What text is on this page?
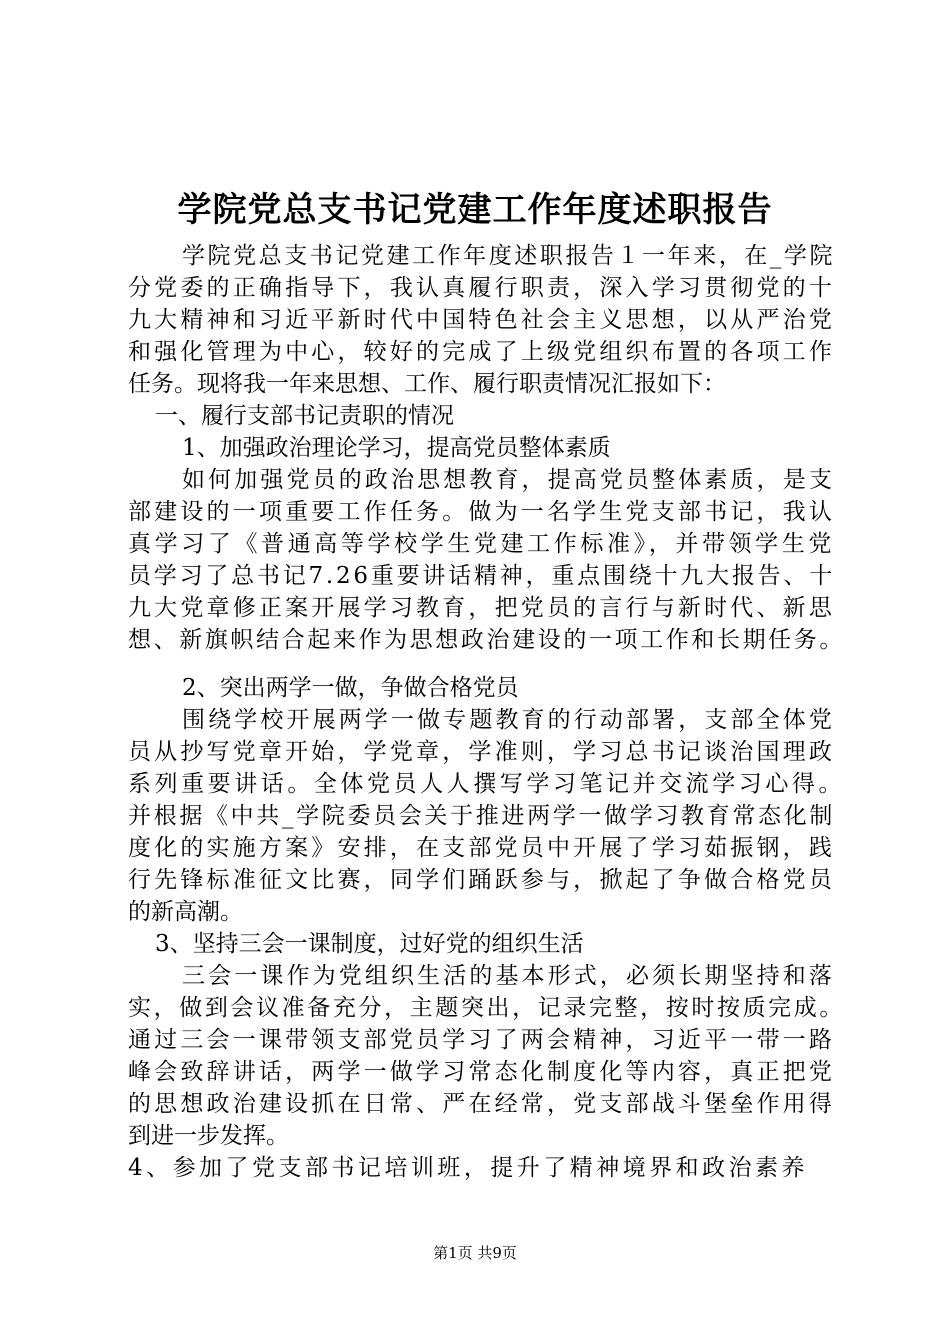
学院党总支书记党建工作年度述职报告
学院党总支书记党建工作年度述职报告１一年来，在_学院
分党委的正确指导下，我认真履行职责，深入学习贯彻党的十
九大精神和习近平新时代中国特色社会主义思想，以从严治党
和强化管理为中心，较好的完成了上级党组织布置的各项工作
任务。现将我一年来思想、工作、履行职责情况汇报如下：
一、履行支部书记责职的情况
1、加强政治理论学习，提高党员整体素质
如何加强党员的政治思想教育，提高党员整体素质，是支
部建设的一项重要工作任务。做为一名学生党支部书记，我认
真学习了《普通高等学校学生党建工作标准》，并带领学生党
员学习了总书记7.26重要讲话精神，重点围绕十九大报告、十
九大党章修正案开展学习教育，把党员的言行与新时代、新思
想、新旗帜结合起来作为思想政治建设的一项工作和长期任务。
2、突出两学一做，争做合格党员
围绕学校开展两学一做专题教育的行动部署，支部全体党
员从抄写党章开始，学党章，学准则，学习总书记谈治国理政
系列重要讲话。全体党员人人撰写学习笔记并交流学习心得。
并根据《中共_学院委员会关于推进两学一做学习教育常态化制
度化的实施方案》安排，在支部党员中开展了学习茹振钢，践
行先锋标准征文比赛，同学们踊跃参与，掀起了争做合格党员
的新高潮。
3、坚持三会一课制度，过好党的组织生活
三会一课作为党组织生活的基本形式，必须长期坚持和落
实，做到会议准备充分，主题突出，记录完整，按时按质完成。
通过三会一课带领支部党员学习了两会精神，习近平一带一路
峰会致辞讲话，两学一做学习常态化制度化等内容，真正把党
的思想政治建设抓在日常、严在经常，党支部战斗堡垒作用得
到进一步发挥。
4、参加了党支部书记培训班，提升了精神境界和政治素养
第1页 共9页
